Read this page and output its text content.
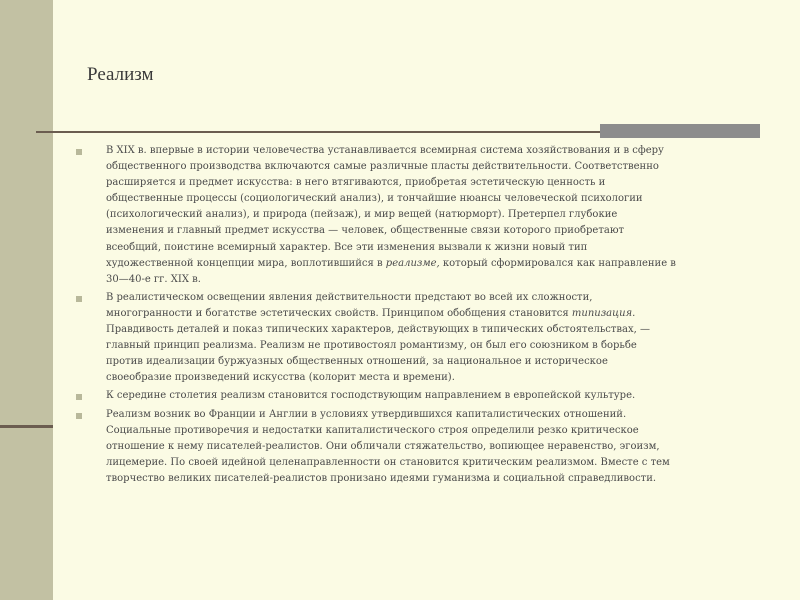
Реализм
В XIX в. впервые в истории человечества устанавливается всемирная система хозяйствования и в сферу общественного производства включаются самые различные пласты действительности. Соответственно расширяется и предмет искусства: в него втягиваются, приобретая эстетическую ценность и общественные процессы (социологический анализ), и тончайшие нюансы человеческой психологии (психологический анализ), и природа (пейзаж), и мир вещей (натюрморт). Претерпел глубокие изменения и главный предмет искусства — человек, общественные связи которого приобретают всеобщий, поистине всемирный характер. Все эти изменения вызвали к жизни новый тип художественной концепции мира, воплотившийся в реализме, который сформировался как направление в 30—40-е гг. XIX в.
В реалистическом освещении явления действительности предстают во всей их сложности, многогранности и богатстве эстетических свойств. Принципом обобщения становится типизация. Правдивость деталей и показ типических характеров, действующих в типических обстоятельствах, — главный принцип реализма. Реализм не противостоял романтизму, он был его союзником в борьбе против идеализации буржуазных общественных отношений, за национальное и историческое своеобразие произведений искусства (колорит места и времени).
К середине столетия реализм становится господствующим направлением в европейской культуре.
Реализм возник во Франции и Англии в условиях утвердившихся капиталистических отношений. Социальные противоречия и недостатки капиталистического строя определили резко критическое отношение к нему писателей-реалистов. Они обличали стяжательство, вопиющее неравенство, эгоизм, лицемерие. По своей идейной целенаправленности он становится критическим реализмом. Вместе с тем творчество великих писателей-реалистов пронизано идеями гуманизма и социальной справедливости.
